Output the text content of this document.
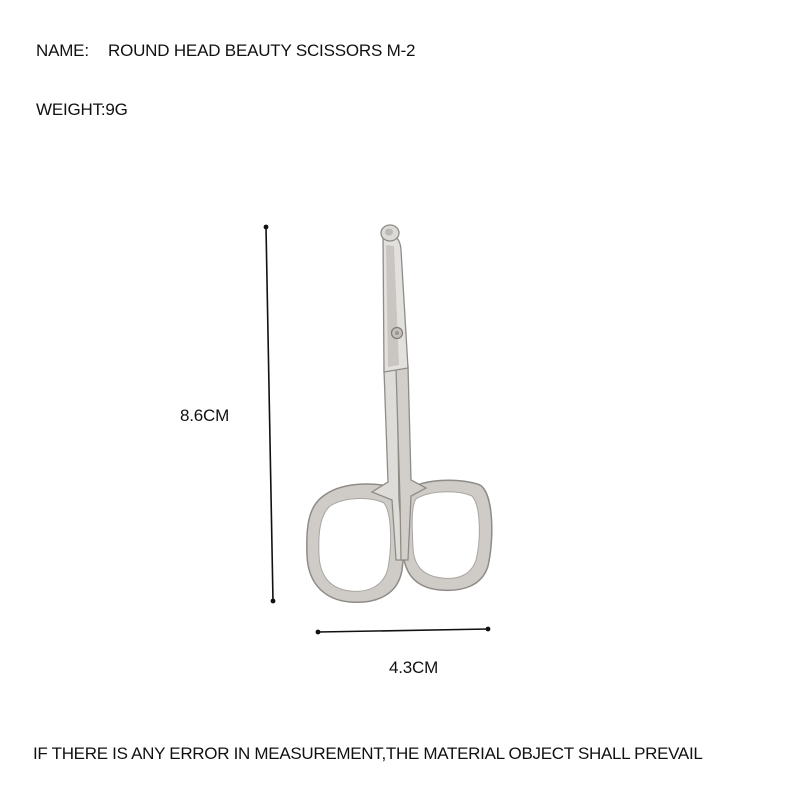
NAME: ROUND HEAD BEAUTY SCISSORS M-2
WEIGHT:9G
8.6CM
4.3CM
IF THERE IS ANY ERROR IN MEASUREMENT,THE MATERIAL OBJECT SHALL PREVAIL
